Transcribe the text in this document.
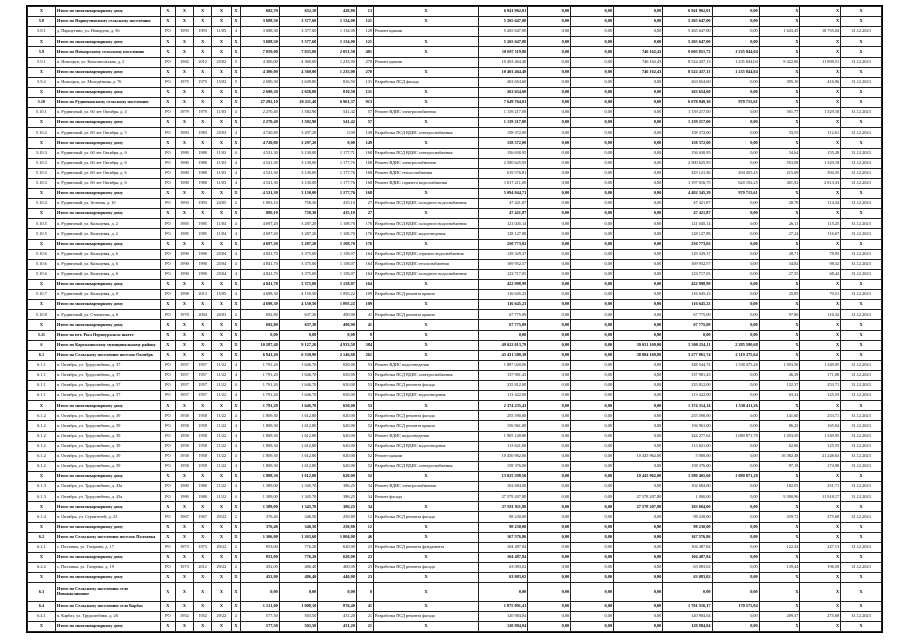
X	Итого по многоквартирному дому	X	X	X	X	X	682,70	652,10	420,80	13	X	6 941 962,01	0,00	0,00	0,00	6 941 962,01	0,00	X	X	X
5.8	Итого по Наршутинскому сельскому поселению	X	X	X	X	X	3 688,30	3 377,60	1 134,00	121	X	5 265 647,00	0,00	0,00	0,00	5 265 647,00	0,00	X	X	X
5.8.1	д. Паршутино, ул. Новоруна, д. 56	РО	1993	1993	11/05	4	3 688,30	3 377,60	1 134,00	128	Ремонт крыши	5 265 647,00	0,00	0,00	0,00	5 265 647,00	0,00	1 643,45	18 755,04	31.12.2023
X	Итого по многоквартирному дому	X	X	X	X	X	3 688,30	3 377,60	1 134,00	121	X	5 265 647,00	0,00	0,00	0,00	5 265 647,00	0,00	X	X	X
5.9	Итого по Новоорскому сельскому поселению	X	X	X	X	X	7 059,00	7 035,00	2 051,50	401	X	10 687 119,80	0,00	0,00	746 162,43	9 605 851,73	1 235 844,04	X	X	X
5.9.1	п. Новоорск, ул. Комсомольская, д. 2	РО	1982	2012	25/02	5	4 300,00	4 360,00	1 235,00	270	Ремонт крыши	10 403 464,40	0,00	0,00	746 162,43	8 522 437,13	1 235 844,04	8 422,86	11 898,51	31.12.2023
X	Итого по многоквартирному дому	X	X	X	X	X	4 300,00	4 360,00	1 235,00	270	X	10 403 464,40	0,00	0,00	746 162,43	8 522 437,13	1 235 844,04	X	X	X
5.9.2	п. Новоорск, ул. Молодёжная, д. 76	РО	1975	1975	15/02	5	2 690,30	2 649,80	816,50	131	Разработка ПСД фасада	263 654,60	0,00	0,00	0,00	263 654,60	0,00	395,10	416,96	31.12.2023
X	Итого по многоквартирному дому	X	X	X	X	X	2 690,30	2 658,80	816,50	131	X	263 654,60	0,00	0,00	0,00	263 654,60	0,00	X	X	X
5.10	Итого по Рудничанскому сельскому поселению	X	X	X	X	X	27 292,10	20 211,40	6 961,37	913	X	7 649 764,01	0,00	0,00	0,00	6 678 049,30	970 715,61	X	X	X
5.10.1	п. Рудничный, ул. 60 лет Октября, д. 4	РО	1979	1979	11/03	4	2 270,40	1 582,90	541,42	57	Ремонт ВДИС электроснабжения	1 139 217,00	0,00	0,00	0,00	1 139 217,00	0,00	501,77	1 529,18	31.12.2023
X	Итого по многоквартирному дому	X	X	X	X	X	2 270,40	1 582,90	541,42	57	X	1 139 217,00	0,00	0,00	0,00	1 139 217,00	0,00	X	X	X
5.10.2	п. Рудничный, ул. 60 лет Октября, д. 5	РО	1983	1983	25/03	4	4 720,80	3 297,20	0,00	149	Разработка ПСД ВДИС электроснабжения	158 372,00	0,00	0,00	0,00	158 372,00	0,00	33,55	112,61	31.12.2023
X	Итого по многоквартирному дому	X	X	X	X	X	4 720,80	3 297,20	0,00	149	X	158 372,00	0,00	0,00	0,00	158 372,00	0,00	X	X	X
5.10.3	п. Рудничный, ул. 60 лет Октября, д. 6	РО	1980	1980	11/03	4	4 521,30	3 130,00	1 177,71	168	Разработка ПСД ВДИС электроснабжения	156 630,95	0,00	0,00	0,00	156 630,95	0,00	34,64	155,28	31.12.2023
5.10.3	п. Рудничный, ул. 60 лет Октября, д. 6	РО	1980	1980	11/03	4	4 521,30	3 130,00	1 177,76	168	Ремонт ВДИС электроснабжения	2 500 625,95	0,00	0,00	0,00	2 500 625,95	0,00	553,08	1 329,18	31.12.2023
5.10.3	п. Рудничный, ул. 60 лет Октября, д. 6	РО	1980	1980	11/03	4	4 521,30	3 130,00	1 177,76	168	Ремонт ВДИС теплоснабжения	619 576,81	0,00	0,00	0,00	325 121,36	294 455,45	215,69	394,35	31.12.2023
5.10.3	п. Рудничный, ул. 60 лет Октября, д. 6	РО	1980	1980	11/03	4	4 521,30	3 130,00	1 177,76	168	Ремонт ВДИС горячего водоснабжения	1 817 211,00	0,00	0,00	0,00	1 197 016,75	620 192,25	401,92	2 613,33	31.12.2023
X	Итого по многоквартирному дому	X	X	X	X	X	4 521,30	3 130,00	1 177,76	168	X	5 094 044,71	0,00	0,00	0,00	4 402 345,29	970 715,61	X	X	X
5.10.4	п. Рудничный, ул. Зеленая, д. 10	РО	1993	1993	24/05	2	1 003,10	758,30	435,10	27	Разработка ПСД ВДИС холодного водоснабжения	47 421,87	0,00	0,00	0,00	47 421,87	0,00	28,78	114,34	31.12.2023
X	Итого по многоквартирному дому	X	X	X	X	X	880,10	758,30	435,10	27	X	47 421,87	0,00	0,00	0,00	47 421,87	0,00	X	X	X
5.10.5	п. Рудничный, ул. Кольцевая, д. 2	РО	1985	1985	11/04	4	4 697,20	3 287,20	1 108,70	176	Разработка ПСД ВДИС холодного водоснабжения	121 045,14	0,00	0,00	0,00	121 045,14	0,00	26,11	115,25	31.12.2023
5.10.5	п. Рудничный, ул. Кольцевая, д. 2	РО	1985	1985	11/04	4	4 697,20	3 287,20	1 108,70	176	Разработка ПСД ВДИС водоотведения	128 127,88	0,00	0,00	0,00	128 127,88	0,00	27,24	116,67	31.12.2023
X	Итого по многоквартирному дому	X	X	X	X	X	4 697,20	3 287,20	1 108,70	176	X	250 773,02	0,00	0,00	0,00	250 773,02	0,00	X	X	X
5.10.6	п. Рудничный, ул. Кольцевая, д. 6	РО	1990	1990	25/04	4	4 841,70	3 375,00	1 158,07	164	Разработка ПСД ВДИС горячего водоснабжения	129 329,37	0,00	0,00	0,00	129 329,37	0,00	28,71	78,93	31.12.2023
5.10.6	п. Рудничный, ул. Кольцевая, д. 6	РО	1990	1990	25/04	4	4 841,70	3 375,00	1 158,07	164	Разработка ПСД ВДИС теплоснабжения	169 952,57	0,00	0,00	0,00	169 952,57	0,00	34,82	98,32	31.12.2023
5.10.6	п. Рудничный, ул. Кольцевая, д. 6	РО	1990	1990	25/04	4	4 841,70	3 375,00	1 158,07	164	Разработка ПСД ВДИС холодного водоснабжения	123 717,05	0,00	0,00	0,00	123 717,05	0,00	27,55	68,42	31.12.2023
X	Итого по многоквартирному дому	X	X	X	X	X	4 841,70	3 375,00	1 158,07	164	X	422 998,99	0,00	0,00	0,00	422 998,99	0,00	X	X	X
5.10.7	п. Рудничный, ул. Кольцевая, д. 8	РО	1998	2013	15/05	4	4 698,30	4 150,50	1 095,22	109	Разработка ПСД ремонта крыши	116 645,23	0,00	0,00	0,00	116 645,23	0,00	25,85	70,51	31.12.2023
X	Итого по многоквартирному дому	X	X	X	X	X	4 698,30	4 150,50	1 095,22	109	X	116 645,23	0,00	0,00	0,00	116 645,23	0,00	X	X	X
5.10.8	п. Рудничный, ул. Степанова, д. 6	РО	1970	2004	20/03	2	692,80	637,30	490,90	41	Разработка ПСД ремонта крыши	67 775,09	0,00	0,00	0,00	67 775,09	0,00	97,80	116,32	31.12.2023
X	Итого по многоквартирному дому	X	X	X	X	X	692,80	637,30	490,90	41	X	67 775,09	0,00	0,00	0,00	67 775,09	0,00	X	X	X
5.11	Итого по пгт. Рыл Первоуральск шахте	X	X	X	X	X	0,00	0,00	0,00	0	X	0,00	0,00	0,00	0,00	0,00	0,00	X	X	X
6	Итого по Карталинскому муниципальному району	X	X	X	X	X	10 287,40	9 127,20	4 933,58	384	X	49 622 013,79	0,00	0,00	39 021 169,00	5 300 254,11	2 285 590,68	X	X	X
6.1	Итого по Сельскому поселению поселок Октябрь	X	X	X	X	X	6 941,20	6 330,90	2 146,68	261	X	43 431 388,38	0,00	0,00	38 084 169,80	3 277 861,74	2 119 375,64	X	X	X
6.1.1	п. Октябрь, ул. Трудолюбиво, д. 37	РО	1957	1957	11/22	4	1 791,20	1 646,70	650,00	53	Ремонт ВДИС водоотведения	1 887 020,00	0,00	0,00	0,00	348 544,74	1 538 475,26	1 053,50	1 349,95	31.12.2023
6.1.1	п. Октябрь, ул. Трудолюбиво, д. 37	РО	1957	1957	11/22	4	1 791,20	1 646,70	650,00	53	Разработка ПСД ВДИС электроснабжения	137 981,43	0,00	0,00	0,00	137 981,43	0,00	46,39	171,88	31.12.2023
6.1.1	п. Октябрь, ул. Трудолюбиво, д. 37	РО	1957	1957	11/22	4	1 791,20	1 646,70	650,00	53	Разработка ПСД ремонта фасада	235 812,00	0,00	0,00	0,00	235 812,00	0,00	132,37	253,71	31.12.2023
6.1.1	п. Октябрь, ул. Трудолюбиво, д. 37	РО	1957	1957	11/22	4	1 791,20	1 646,70	650,00	53	Разработка ПСД ВДИС водоотведения	113 422,00	0,00	0,00	0,00	113 422,00	0,00	63,32	125,55	31.12.2023
X	Итого по многоквартирному дому	X	X	X	X	X	1 791,20	1 646,70	650,00	53	X	2 374 235,43	0,00	0,00	0,00	1 374 314,14	1 538 411,26	X	X	X
6.1.2	п. Октябрь, ул. Трудолюбиво, д. 39	РО	1958	1958	11/22	4	1 809,30	1 612,80	620,00	52	Разработка ПСД ремонта фасада	255 590,00	0,00	0,00	0,00	255 590,00	0,00	141,60	253,71	31.12.2023
6.1.2	п. Октябрь, ул. Трудолюбиво, д. 39	РО	1958	1958	11/22	4	1 809,30	1 612,80	620,00	52	Разработка ПСД ремонта крыши	156 961,00	0,00	0,00	0,00	156 961,00	0,00	86,25	165,94	31.12.2023
6.1.2	п. Октябрь, ул. Трудолюбиво, д. 39	РО	1958	1958	11/22	4	1 809,30	1 612,80	620,00	52	Ремонт ВДИС водоотведения	1 905 149,80	0,00	0,00	0,00	324 277,62	1 080 871,78	1 053,50	1 349,95	31.12.2023
6.1.2	п. Октябрь, ул. Трудолюбиво, д. 39	РО	1958	1958	11/22	4	1 809,30	1 612,80	620,00	52	Разработка ПСД ВДИС водоотведения	113 621,00	0,00	0,00	0,00	113 621,00	0,00	62,86	125,55	31.12.2023
6.1.2	п. Октябрь, ул. Трудолюбиво, д. 39	РО	1958	1958	11/22	4	1 809,30	1 612,80	620,00	52	Ремонт крыши	10 450 962,00	0,00	0,00	10 445 962,00	5 000,00	0,00	16 382,48	21 248,63	31.12.2023
6.1.2	п. Октябрь, ул. Трудолюбиво, д. 39	РО	1958	1958	11/22	4	1 809,30	1 612,80	620,00	52	Разработка ПСД ВДИС электроснабжения	158 376,00	0,00	0,00	0,00	158 376,00	0,00	87,18	174,98	31.12.2023
X	Итого по многоквартирному дому	X	X	X	X	X	1 808,30	1 612,80	620,00	52	X	13 025 598,56	0,00	0,00	10 445 962,00	1 589 465,60	1 080 871,28	X	X	X
6.1.3	п. Октябрь, ул. Трудолюбиво, д. 43а	РО	1980	1980	11/22	4	1 389,00	1 345,70	386,25	34	Ремонт ВДИС электроснабжения	102 684,00	0,00	0,00	0,00	102 684,00	0,00	182,05	251,71	31.12.2023
6.1.3	п. Октябрь, ул. Трудолюбиво, д. 43а	РО	1980	1980	11/22	4	1 389,00	1 345,70	386,25	34	Ремонт фасада	27 579 207,80	0,00	0,00	27 578 207,80	1 000,00	0,00	9 300,96	11 918,17	31.12.2023
X	Итого по многоквартирному дому	X	X	X	X	X	1 389,00	1 345,70	386,25	34	X	27 581 911,80	0,00	0,00	27 578 207,80	103 684,00	0,00	X	X	X
6.1.4	п. Октябрь, ул. Строителей, д. 23	РО	1967	1967	29/22	2	376,40	346,50	250,80	12	Разработка ПСД ремонта фасада	98 230,00	0,00	0,00	0,00	98 230,00	0,00	259,72	275,68	31.12.2023
X	Итого по многоквартирному дому	X	X	X	X	X	376,40	346,50	250,80	12	X	98 230,00	0,00	0,00	0,00	98 230,00	0,00	X	X	X
6.2	Итого по Сельскому поселению поселок Полтавка	X	X	X	X	X	1 306,00	1 263,60	1 004,00	46	X	167 576,86	0,00	0,00	0,00	167 576,86	0,00	X	X	X
6.2.1	с. Полтавка, ул. Гагарина, д. 17	РО	1973	1973	29/22	2	953,00	776,20	620,00	23	Разработка ПСД ремонта фундамента	104 487,84	0,00	0,00	0,00	104 487,84	0,00	122,44	227,13	31.12.2023
X	Итого по многоквартирному дому	X	X	X	X	X	853,00	776,20	620,00	23	X	104 487,84	0,00	0,00	0,00	104 487,84	0,00	X	X	X
6.2.2	с. Полтавка, ул. Гагарина, д. 19	РО	1973	2012	29/22	2	452,00	486,40	400,00	23	Разработка ПСД ремонта фасада	63 083,02	0,00	0,00	0,00	63 083,02	0,00	139,44	196,50	31.12.2023
X	Итого по многоквартирному дому	X	X	X	X	X	452,00	486,40	440,00	23	X	63 083,02	0,00	0,00	0,00	63 083,02	0,00	X	X	X
6.3	Итого по Сельскому поселению село Новокаолиновое	X	X	X	X	X	0,00	0,00	0,00	0	X	0,00	0,00	0,00	0,00	0,00	0,00	X	X	X
6.4	Итого по Сельскому поселению село Карбаз	X	X	X	X	X	1 121,00	1 008,10	876,40	41	X	1 875 091,41	0,00	0,00	0,00	1 701 516,17	170 575,04	X	X	X
6.4.1	п. Карбаз, ул. Трудолюбиво, д. 26	РО	1952	1952	29/22	2	577,50	503,50	431,20	21	Разработка ПСД ремонта фасада	120 984,04	0,00	0,00	0,00	120 984,04	0,00	209,37	275,68	31.12.2023
X	Итого по многоквартирному дому	X	X	X	X	X	577,50	503,50	431,20	21	X	120 984,04	0,00	0,00	0,00	120 984,04	0,00	X	X	X
